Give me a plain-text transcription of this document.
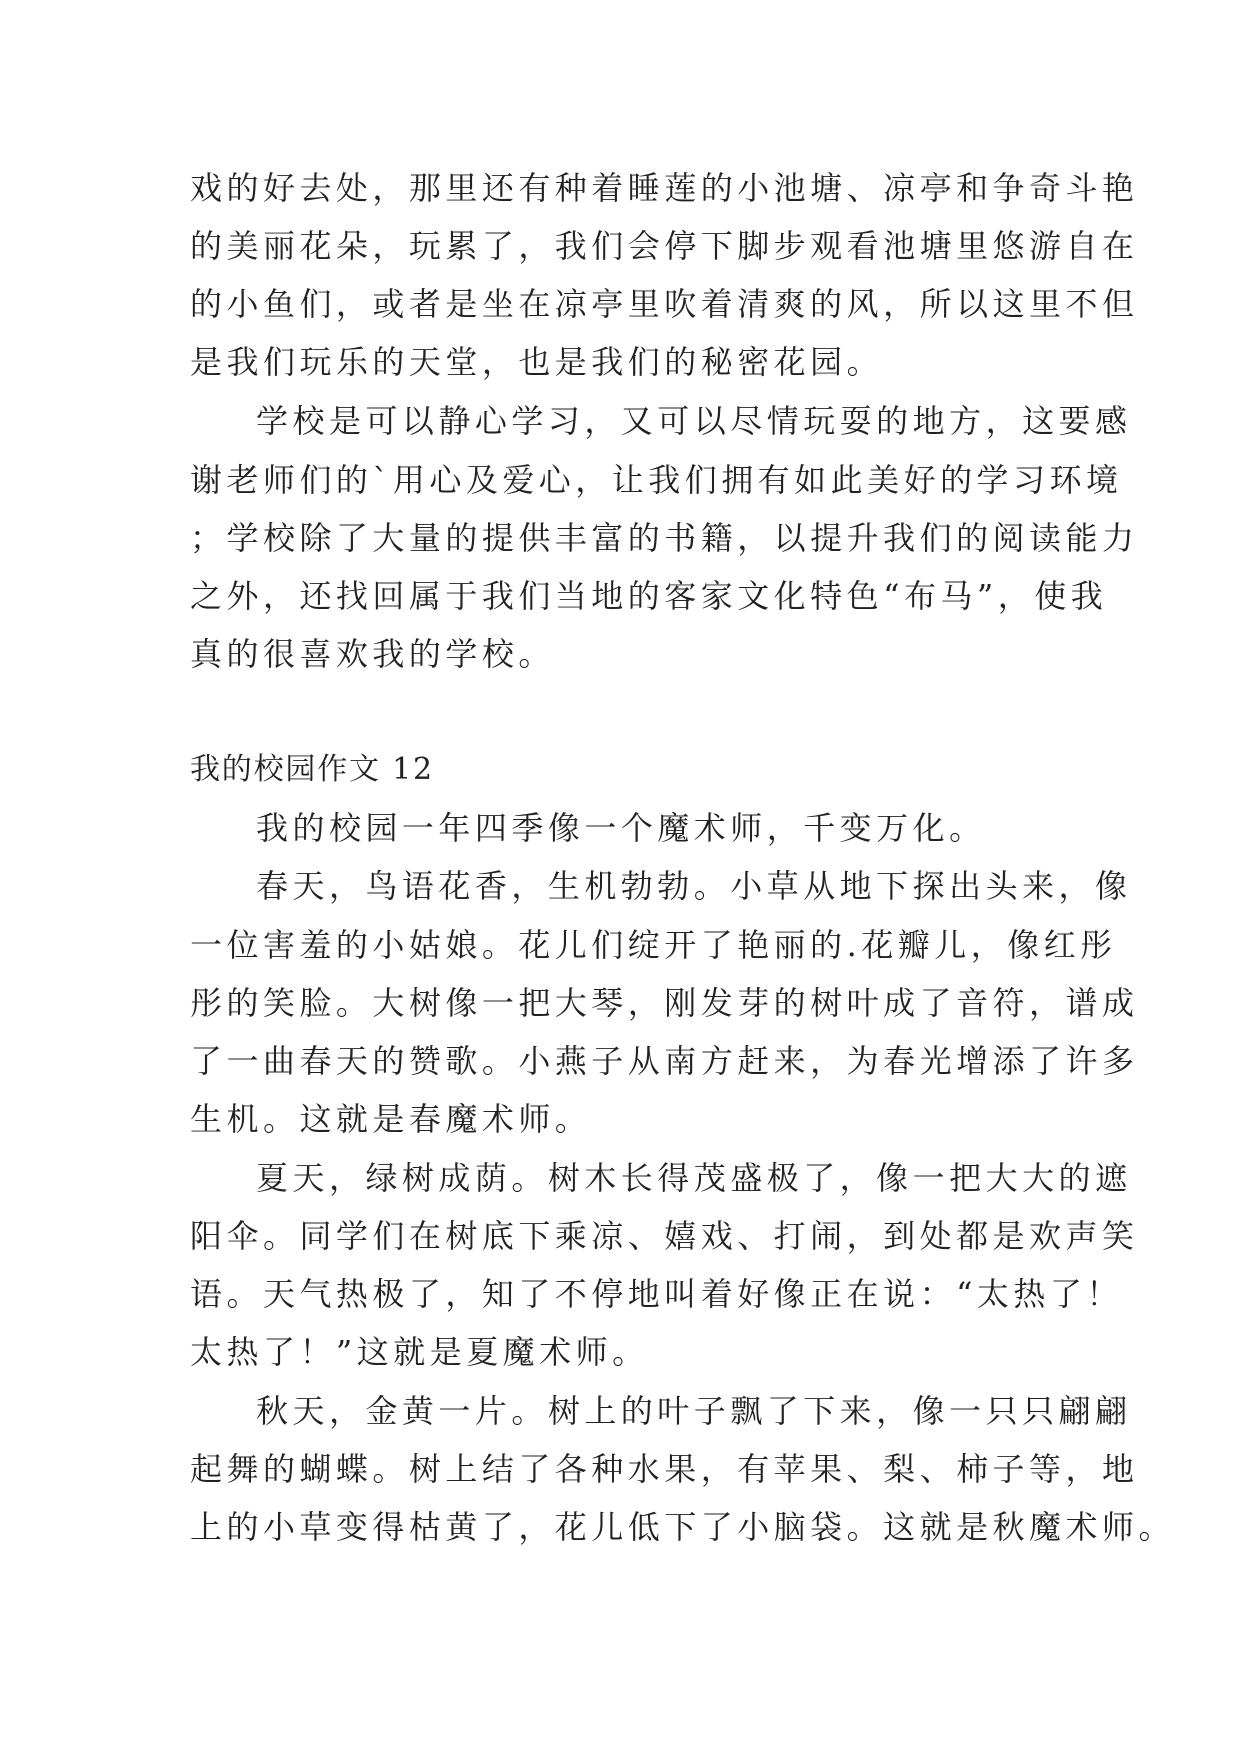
戏的好去处，那里还有种着睡莲的小池塘、凉亭和争奇斗艳
的美丽花朵，玩累了，我们会停下脚步观看池塘里悠游自在
的小鱼们，或者是坐在凉亭里吹着清爽的风，所以这里不但
是我们玩乐的天堂，也是我们的秘密花园。
学校是可以静心学习，又可以尽情玩耍的地方，这要感
谢老师们的`用心及爱心，让我们拥有如此美好的学习环境
；学校除了大量的提供丰富的书籍，以提升我们的阅读能力
之外，还找回属于我们当地的客家文化特色“布马”，使我
真的很喜欢我的学校。
我的校园作文 12
我的校园一年四季像一个魔术师，千变万化。
春天，鸟语花香，生机勃勃。小草从地下探出头来，像
一位害羞的小姑娘。花儿们绽开了艳丽的.花瓣儿，像红彤
彤的笑脸。大树像一把大琴，刚发芽的树叶成了音符，谱成
了一曲春天的赞歌。小燕子从南方赶来，为春光增添了许多
生机。这就是春魔术师。
夏天，绿树成荫。树木长得茂盛极了，像一把大大的遮
阳伞。同学们在树底下乘凉、嬉戏、打闹，到处都是欢声笑
语。天气热极了，知了不停地叫着好像正在说：“太热了！
太热了！”这就是夏魔术师。
秋天，金黄一片。树上的叶子飘了下来，像一只只翩翩
起舞的蝴蝶。树上结了各种水果，有苹果、梨、柿子等，地
上的小草变得枯黄了，花儿低下了小脑袋。这就是秋魔术师。
